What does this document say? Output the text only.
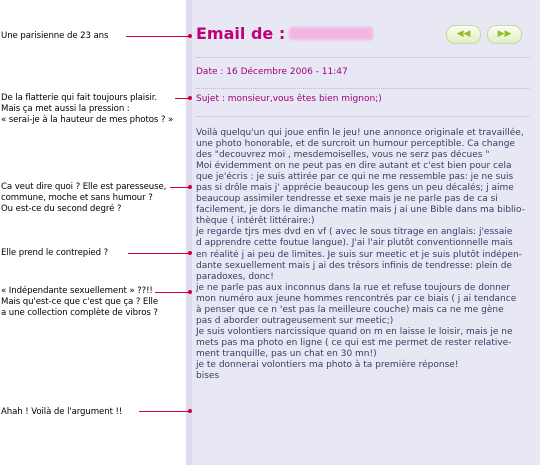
Une parisienne de 23 ans
De la flatterie qui fait toujours plaisir.
Mais ça met aussi la pression :
« serai-je à la hauteur de mes photos ? »
Ca veut dire quoi ? Elle est paresseuse,
commune, moche et sans humour ?
Ou est-ce du second degré ?
Elle prend le contrepied ?
« Indépendante sexuellement » ??!!
Mais qu'est-ce que c'est que ça ? Elle
a une collection complète de vibros ?
Ahah ! Voilà de l'argument !!
Email de :	◀◀	▶▶
Date : 16 Décembre 2006 - 11:47
Sujet : monsieur,vous êtes bien mignon;)
Voilà quelqu'un qui joue enfin le jeu! une annonce originale et travaillée,
une photo honorable, et de surcroit un humour perceptible. Ca change
des "decouvrez moi , mesdemoiselles, vous ne serz pas décues "
Moi évidemment on ne peut pas en dire autant et c'est bien pour cela
que je'écris : je suis attirée par ce qui ne me ressemble pas: je ne suis
pas si drôle mais j' apprécie beaucoup les gens un peu décalés; j aime
beaucoup assimiler tendresse et sexe mais je ne parle pas de ca si
facilement, je dors le dimanche matin mais j ai une Bible dans ma biblio-
thèque ( intérêt littéraire:)
je regarde tjrs mes dvd en vf ( avec le sous titrage en anglais: j'essaie
d apprendre cette foutue langue). J'ai l'air plutôt conventionnelle mais
en réalité j ai peu de limites. Je suis sur meetic et je suis plutôt indépen-
dante sexuellement mais j ai des trésors infinis de tendresse: plein de
paradoxes, donc!
je ne parle pas aux inconnus dans la rue et refuse toujours de donner
mon numéro aux jeune hommes rencontrés par ce biais ( j ai tendance
à penser que ce n 'est pas la meilleure couche) mais ca ne me gène
pas d aborder outrageusement sur meetic;)
Je suis volontiers narcissique quand on m en laisse le loisir, mais je ne
mets pas ma photo en ligne ( ce qui est me permet de rester relative-
ment tranquille, pas un chat en 30 mn!)
je te donnerai volontiers ma photo à ta première réponse!
bises
